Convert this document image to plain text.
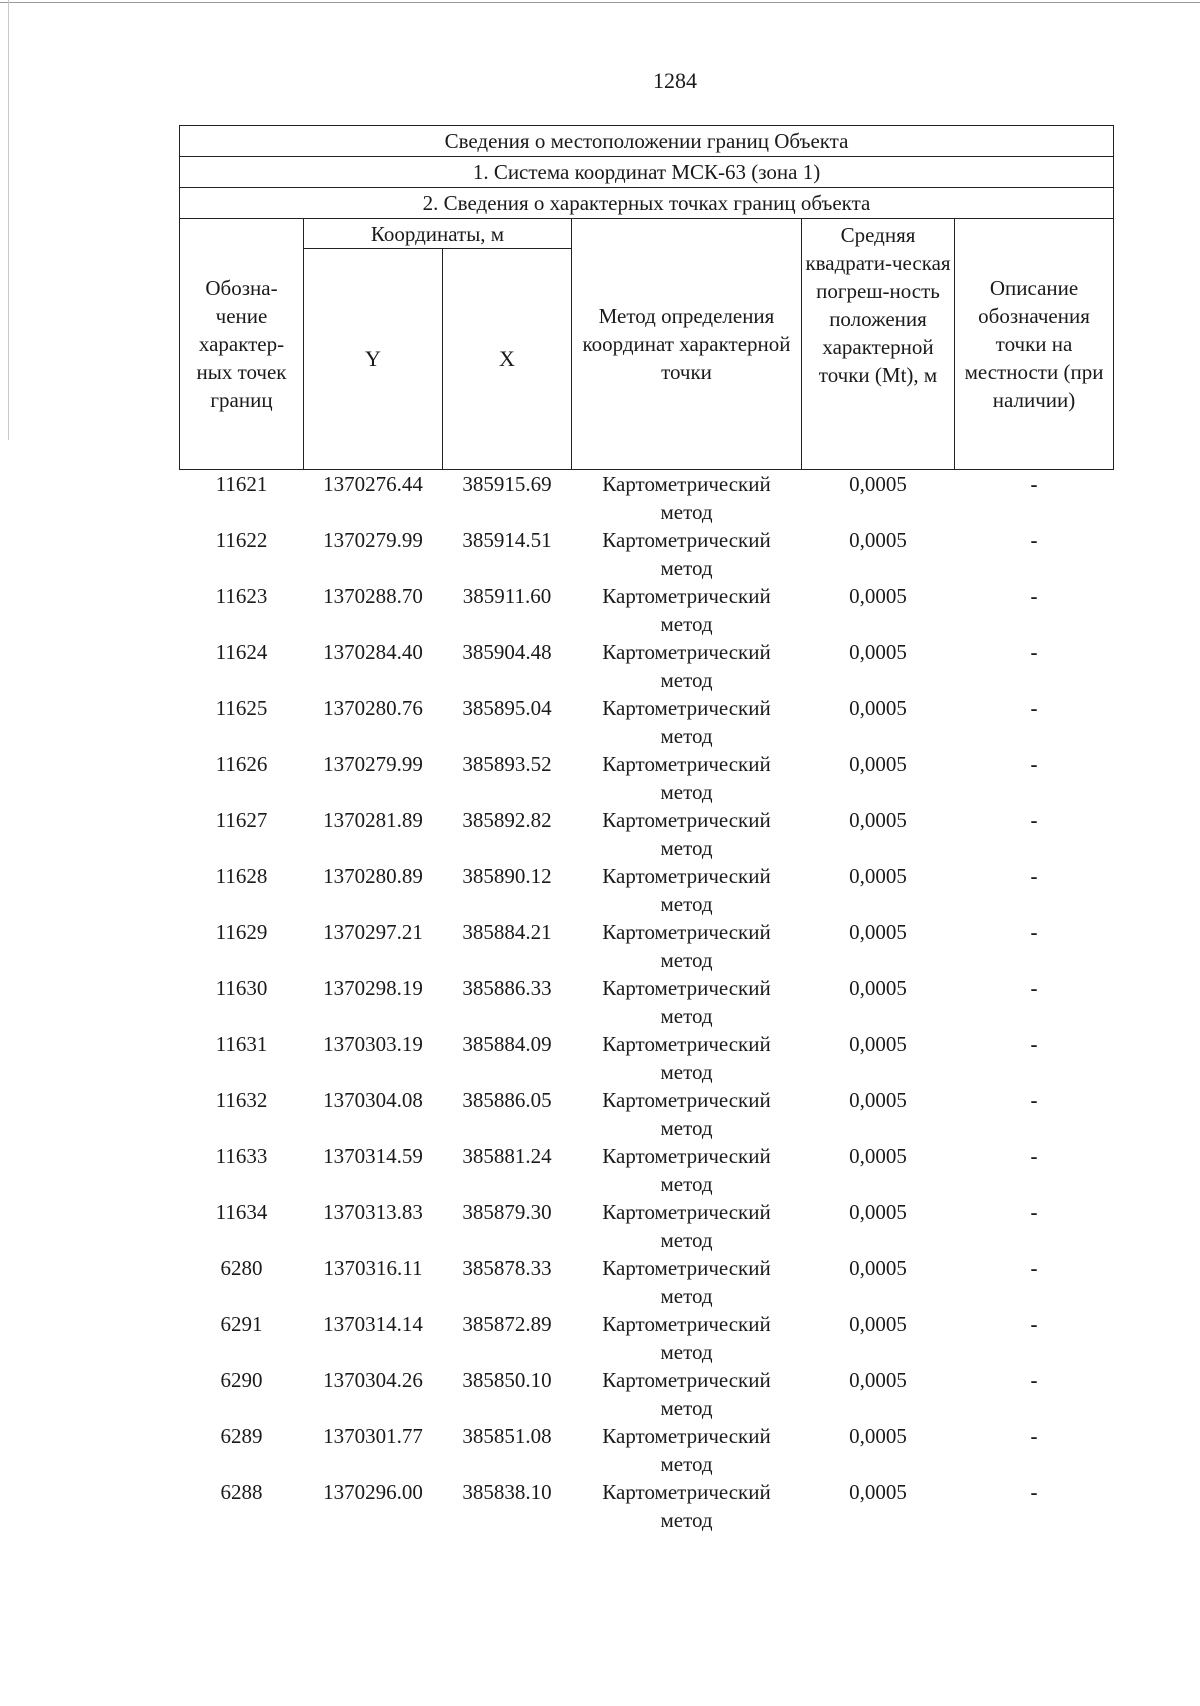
1284
Сведения о местоположении границ Объекта					
1. Система координат МСК-63 (зона 1)					
2. Сведения о характерных точках границ объекта					
Обозна-чение характер-ных точек границ	Координаты, м		Метод определения координат характерной точки	Средняя квадрати-ческая погреш-ность положения характерной точки (Mt), м	Описание обозначения точки на местности (при наличии)
	Y	X			
11621	1370276.44	385915.69	Картометрический метод	0,0005	-
11622	1370279.99	385914.51	Картометрический метод	0,0005	-
11623	1370288.70	385911.60	Картометрический метод	0,0005	-
11624	1370284.40	385904.48	Картометрический метод	0,0005	-
11625	1370280.76	385895.04	Картометрический метод	0,0005	-
11626	1370279.99	385893.52	Картометрический метод	0,0005	-
11627	1370281.89	385892.82	Картометрический метод	0,0005	-
11628	1370280.89	385890.12	Картометрический метод	0,0005	-
11629	1370297.21	385884.21	Картометрический метод	0,0005	-
11630	1370298.19	385886.33	Картометрический метод	0,0005	-
11631	1370303.19	385884.09	Картометрический метод	0,0005	-
11632	1370304.08	385886.05	Картометрический метод	0,0005	-
11633	1370314.59	385881.24	Картометрический метод	0,0005	-
11634	1370313.83	385879.30	Картометрический метод	0,0005	-
6280	1370316.11	385878.33	Картометрический метод	0,0005	-
6291	1370314.14	385872.89	Картометрический метод	0,0005	-
6290	1370304.26	385850.10	Картометрический метод	0,0005	-
6289	1370301.77	385851.08	Картометрический метод	0,0005	-
6288	1370296.00	385838.10	Картометрический метод	0,0005	-
